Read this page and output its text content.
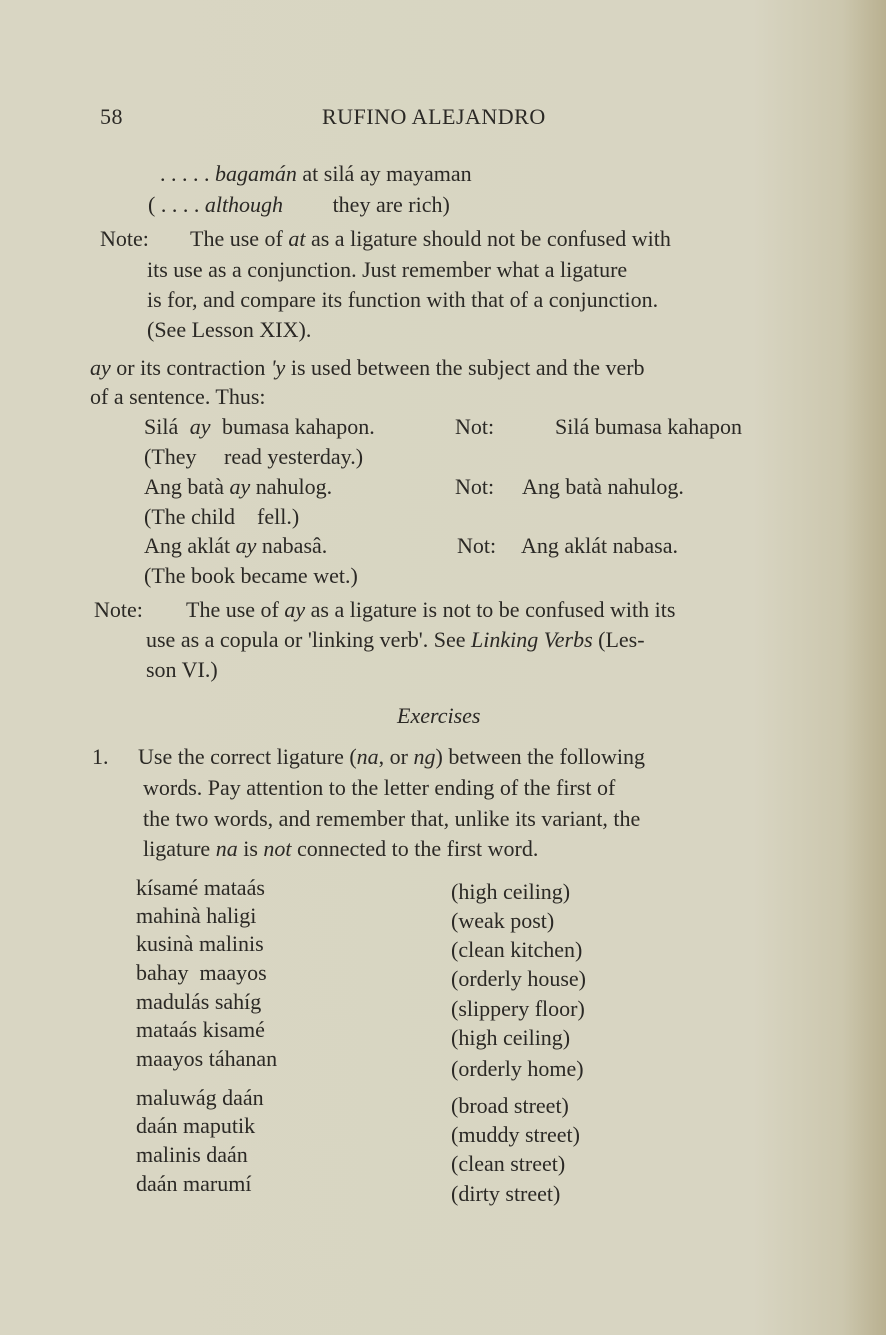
58	RUFINO ALEJANDRO
. . . . . bagamán at silá ay mayaman
( . . . . although they are rich)
Note: The use of at as a ligature should not be confused with
its use as a conjunction. Just remember what a ligature
is for, and compare its function with that of a conjunction.
(See Lesson XIX).
ay or its contraction 'y is used between the subject and the verb
of a sentence. Thus:
Silá ay bumasa kahapon.	Not:	Silá bumasa kahapon
(They     read yesterday.)
Ang batà ay nahulog.	Not: Ang batà nahulog.
(The child    fell.)
Ang aklát ay nabasâ.	Not: Ang aklát nabasa.
(The book became wet.)
Note: The use of ay as a ligature is not to be confused with its
use as a copula or 'linking verb'. See Linking Verbs (Les-
son VI.)
Exercises
1. Use the correct ligature (na, or ng) between the following
words. Pay attention to the letter ending of the first of
the two words, and remember that, unlike its variant, the
ligature na is not connected to the first word.
kísamé mataás	(high ceiling)
mahinà haligi	(weak post)
kusinà malinis	(clean kitchen)
bahay  maayos	(orderly house)
madulás sahíg	(slippery floor)
mataás kisamé	(high ceiling)
maayos táhanan	(orderly home)
maluwág daán	(broad street)
daán maputik	(muddy street)
malinis daán	(clean street)
daán marumí	(dirty street)
